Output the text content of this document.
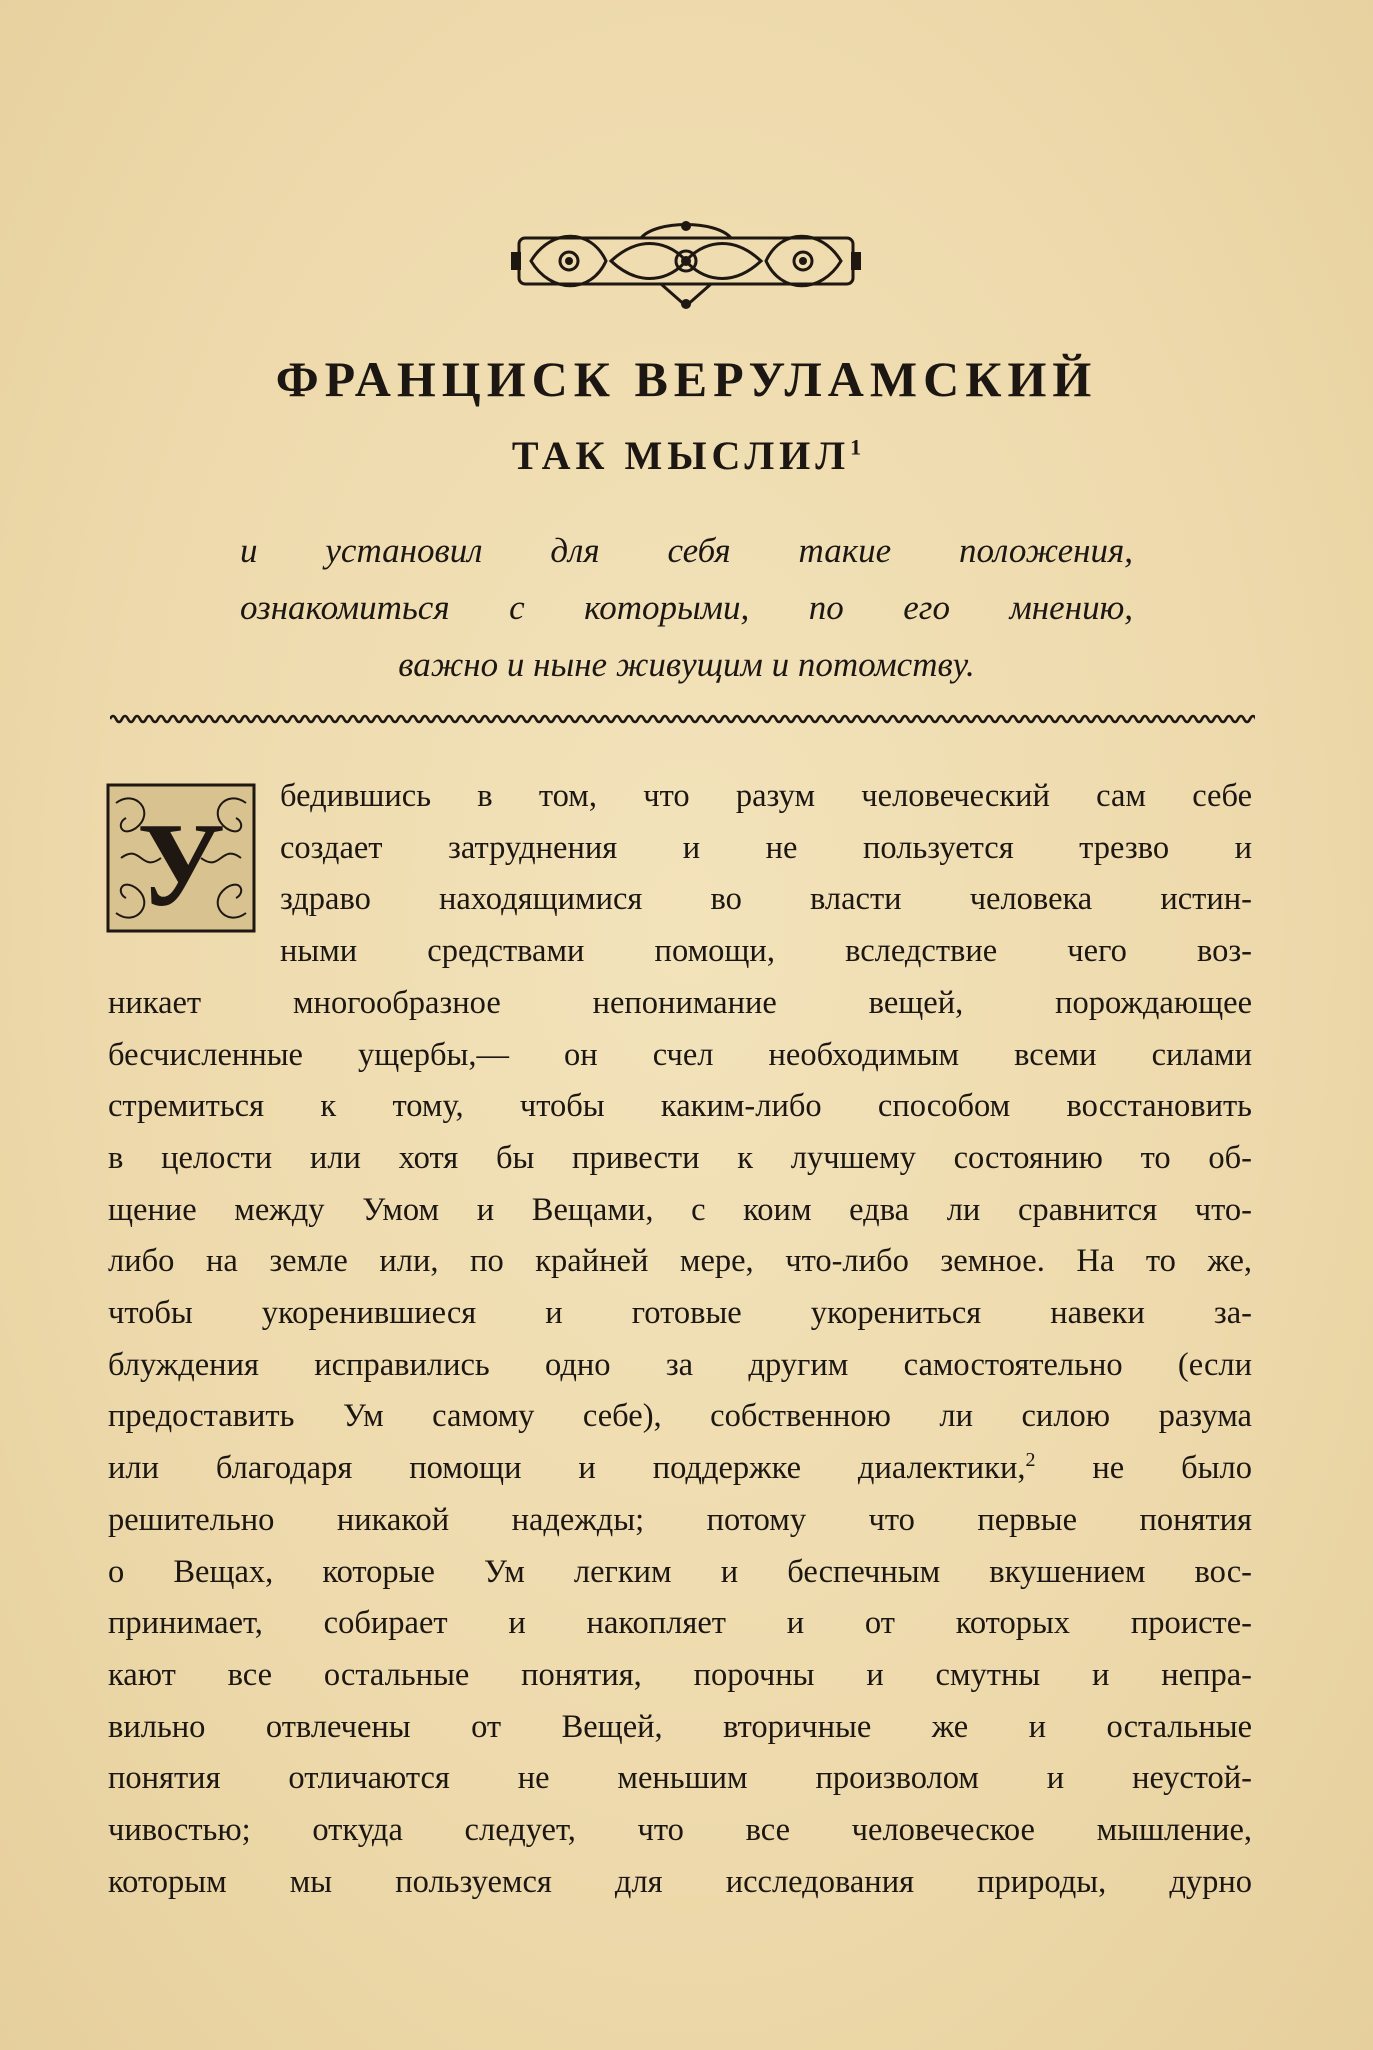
ФРАНЦИСК ВЕРУЛАМСКИЙ
ТАК МЫСЛИЛ$^1$
и установил для себя такие положения,
ознакомиться с которыми, по его мнению,
важно и ныне живущим и потомству.
У
бедившись в том, что разум человеческий сам себе
создает затруднения и не пользуется трезво и
здраво находящимися во власти человека истин-
ными средствами помощи, вследствие чего воз-
никает многообразное непонимание вещей, порождающее
бесчисленные ущербы,— он счел необходимым всеми силами
стремиться к тому, чтобы каким-либо способом восстановить
в целости или хотя бы привести к лучшему состоянию то об-
щение между Умом и Вещами, с коим едва ли сравнится что-
либо на земле или, по крайней мере, что-либо земное. На то же,
чтобы укоренившиеся и готовые укорениться навеки за-
блуждения исправились одно за другим самостоятельно (если
предоставить Ум самому себе), собственною ли силою разума
или благодаря помощи и поддержке диалектики,$^2$ не было
решительно никакой надежды; потому что первые понятия
о Вещах, которые Ум легким и беспечным вкушением вос-
принимает, собирает и накопляет и от которых проистe-
кают все остальные понятия, порочны и смутны и непра-
вильно отвлечены от Вещей, вторичные же и остальные
понятия отличаются не меньшим произволом и неустой-
чивостью; откуда следует, что все человеческое мышление,
которым мы пользуемся для исследования природы, дурно
